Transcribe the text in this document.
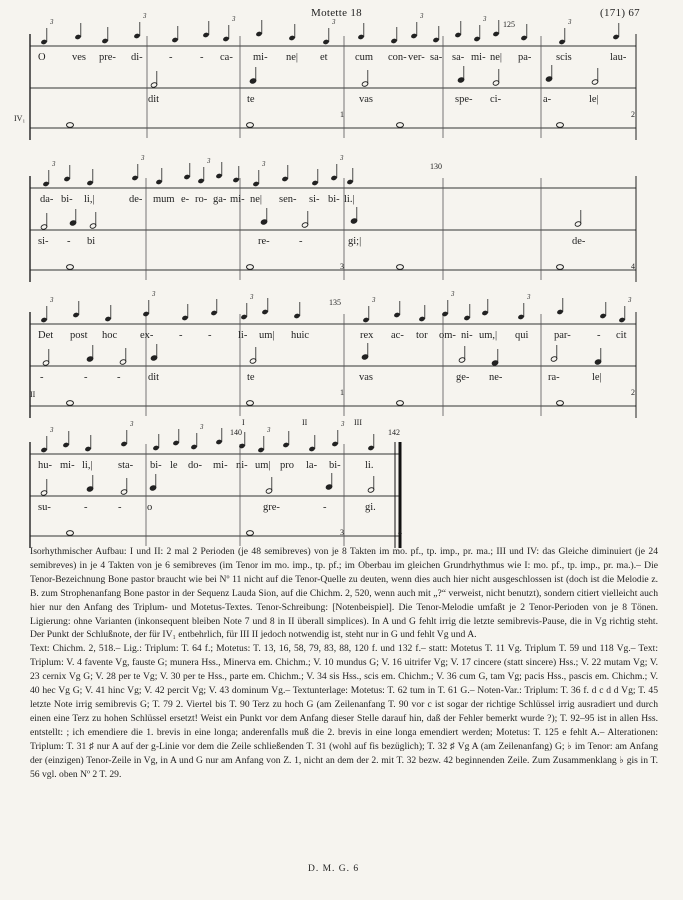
Motette 18	(171) 67
3
3	3	3
3	3	3
O	ves pre- di-	-	- ca- mi- ne| et	cum con- ver- sa- sa- mi- ne| pa- scis	lau-
dit	te	vas	spe- ci-	a-	le|
125
1	2
IV₁
3
3	3	3
3
da- bi- li,|	de- mum e- ro- ga- mi- ne| sen- si- bi- li.|
si- - bi	re-	-	gi;|	de-
130
3	4
3
3	3	3
3	3	3
Det post hoc ex- - -	li- um| huic	rex ac- tor om- ni- um,| qui par-	- cit
-	-	-	dit	te	vas	ge- ne-	ra-	le|
135
II	1	2
3
3	3	3
3
hu- mi- li,| sta- bi- le do- mi- ni- um| pro la- bi- li.
su-	-	- o	gre-	-	gi.
140	142
I	II	III
3	4

Isorhythmischer Aufbau: I und II: 2 mal 2 Perioden (je 48 semibreves) von je 8 Takten im mo. pf., tp. imp., pr. ma.; III und IV: das Gleiche diminuiert (je 24 semibreves) in je 4 Takten von je 6 semibreves (im Tenor im mo. imp., tp. pf.; im Oberbau im gleichen Grundrhythmus wie I: mo. pf., tp. imp., pr. ma.).– Die Tenor-Bezeichnung Bone pastor braucht wie bei Nº 11 nicht auf die Tenor-Quelle zu deuten, wenn dies auch hier nicht ausgeschlossen ist (doch ist die Melodie z. B. zum Strophenanfang Bone pastor in der Sequenz Lauda Sion, auf die Chichm. 2, 520, wenn auch mit „?“ verweist, nicht benutzt), sondern citiert vielleicht auch hier nur den Anfang des Triplum- und Motetus-Textes. Tenor-Schreibung: [Notenbeispiel]. Die Tenor-Melodie umfaßt je 2 Tenor-Perioden von je 8 Tönen. Ligierung: ohne Varianten (inkonsequent bleiben Note 7 und 8 in II überall simplices). In A und G fehlt irrig die letzte semibrevis-Pause, die in Vg richtig steht. Der Punkt der Schlußnote, der für IV₁ entbehrlich, für III II jedoch notwendig ist, steht nur in G und fehlt Vg und A.

Text: Chichm. 2, 518.– Lig.: Triplum: T. 64 f.; Motetus: T. 13, 16, 58, 79, 83, 88, 120 f. und 132 f.– statt: Motetus T. 11 Vg. Triplum T. 59 und 118 Vg.– Text: Triplum: V. 4 favente Vg, fauste G; munera Hss., Minerva em. Chichm.; V. 10 mundus G; V. 16 uitrifer Vg; V. 17 cincere (statt sincere) Hss.; V. 22 mutam Vg; V. 23 cernix Vg G; V. 28 per te Vg; V. 30 per te Hss., parte em. Chichm.; V. 34 sis Hss., scis em. Chichm.; V. 36 cum G, tam Vg; pacis Hss., pascis em. Chichm.; V. 40 hec Vg G; V. 41 hinc Vg; V. 42 percit Vg; V. 43 dominum Vg.– Textunterlage: Motetus: T. 62 tum in T. 61 G.– Noten-Var.: Triplum: T. 36 f. d c d d Vg; T. 45 letzte Note irrig semibrevis G; T. 79 2. Viertel bis T. 90 Terz zu hoch G (am Zeilenanfang T. 90 vor c ist sogar der richtige Schlüssel irrig ausradiert und durch einen eine Terz zu hohen Schlüssel ersetzt! Weist ein Punkt vor dem Anfang dieser Stelle darauf hin, daß der Fehler bemerkt wurde ?); T. 92–95 ist in allen Hss. entstellt: ; ich emendiere die 1. brevis in eine longa; anderenfalls muß die 2. brevis in eine longa emendiert werden; Motetus: T. 125 e fehlt A.– Alterationen: Triplum: T. 31 ♯ nur A auf der g-Linie vor dem die Zeile schließenden T. 31 (wohl auf fis bezüglich); T. 32 ♯ Vg A (am Zeilenanfang) G; ♭ im Tenor: am Anfang der (einzigen) Tenor-Zeile in Vg, in A und G nur am Anfang von Z. 1, nicht an dem der 2. mit T. 32 bezw. 42 beginnenden Zeile. Zum Zusammenklang ♭ gis in T. 56 vgl. oben Nº 2 T. 29.

D. M. G. 6
